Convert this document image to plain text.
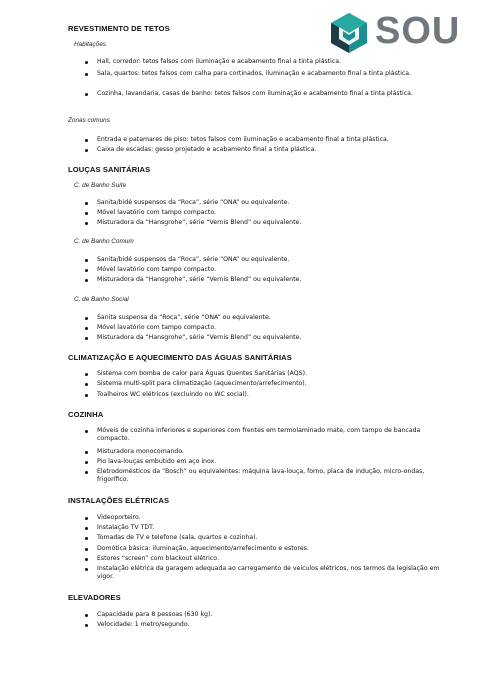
SOU
REVESTIMENTO DE TETOS
Habitações
Hall, corredor: tetos falsos com iluminação e acabamento final a tinta plástica.
Sala, quartos: tetos falsos com calha para cortinados, iluminação e acabamento final a tinta plástica.
Cozinha, lavandaria, casas de banho: tetos falsos com iluminação e acabamento final a tinta plástica.
Zonas comuns
Entrada e patamares de piso: tetos falsos com iluminação e acabamento final a tinta plástica.
Caixa de escadas: gesso projetado e acabamento final a tinta plástica.
LOUÇAS SANITÁRIAS
C. de Banho Suíte
Sanita/bidé suspensos da “Roca”, série “ONA” ou equivalente.
Móvel lavatório com tampo compacto.
Misturadora da “Hansgrohe”, série “Vernis Blend” ou equivalente.
C. de Banho Comum
Sanita/bidé suspensos da “Roca”, série “ONA” ou equivalente.
Móvel lavatório com tampo compacto.
Misturadora da “Hansgrohe”, série “Vernis Blend” ou equivalente.
C. de Banho Social
Sanita suspensa da “Roca”, série “ONA” ou equivalente.
Móvel lavatório com tampo compacto.
Misturadora da “Hansgrohe”, série “Vernis Blend” ou equivalente.
CLIMATIZAÇÃO E AQUECIMENTO DAS ÁGUAS SANITÁRIAS
Sistema com bomba de calor para Águas Quentes Sanitárias (AQS).
Sistema multi-split para climatização (aquecimento/arrefecimento).
Toalheiros WC elétricos (excluindo no WC social).
COZINHA
Móveis de cozinha inferiores e superiores com frentes em termolaminado mate, com tampo de bancada compacto.
Misturadora monocomando.
Pio lava-louças embutido em aço inox.
Eletrodomésticos da “Bosch” ou equivalentes: máquina lava-louça, forno, placa de indução, micro-ondas, frigorífico.
INSTALAÇÕES ELÉTRICAS
Videoporteiro.
Instalação TV TDT.
Tomadas de TV e telefone (sala, quartos e cozinha).
Domótica básica: iluminação, aquecimento/arrefecimento e estores.
Estores “screen” com blackout elétrico.
Instalação elétrica da garagem adequada ao carregamento de veículos elétricos, nos termos da legislação em vigor.
ELEVADORES
Capacidade para 8 pessoas (630 kg).
Velocidade: 1 metro/segundo.
